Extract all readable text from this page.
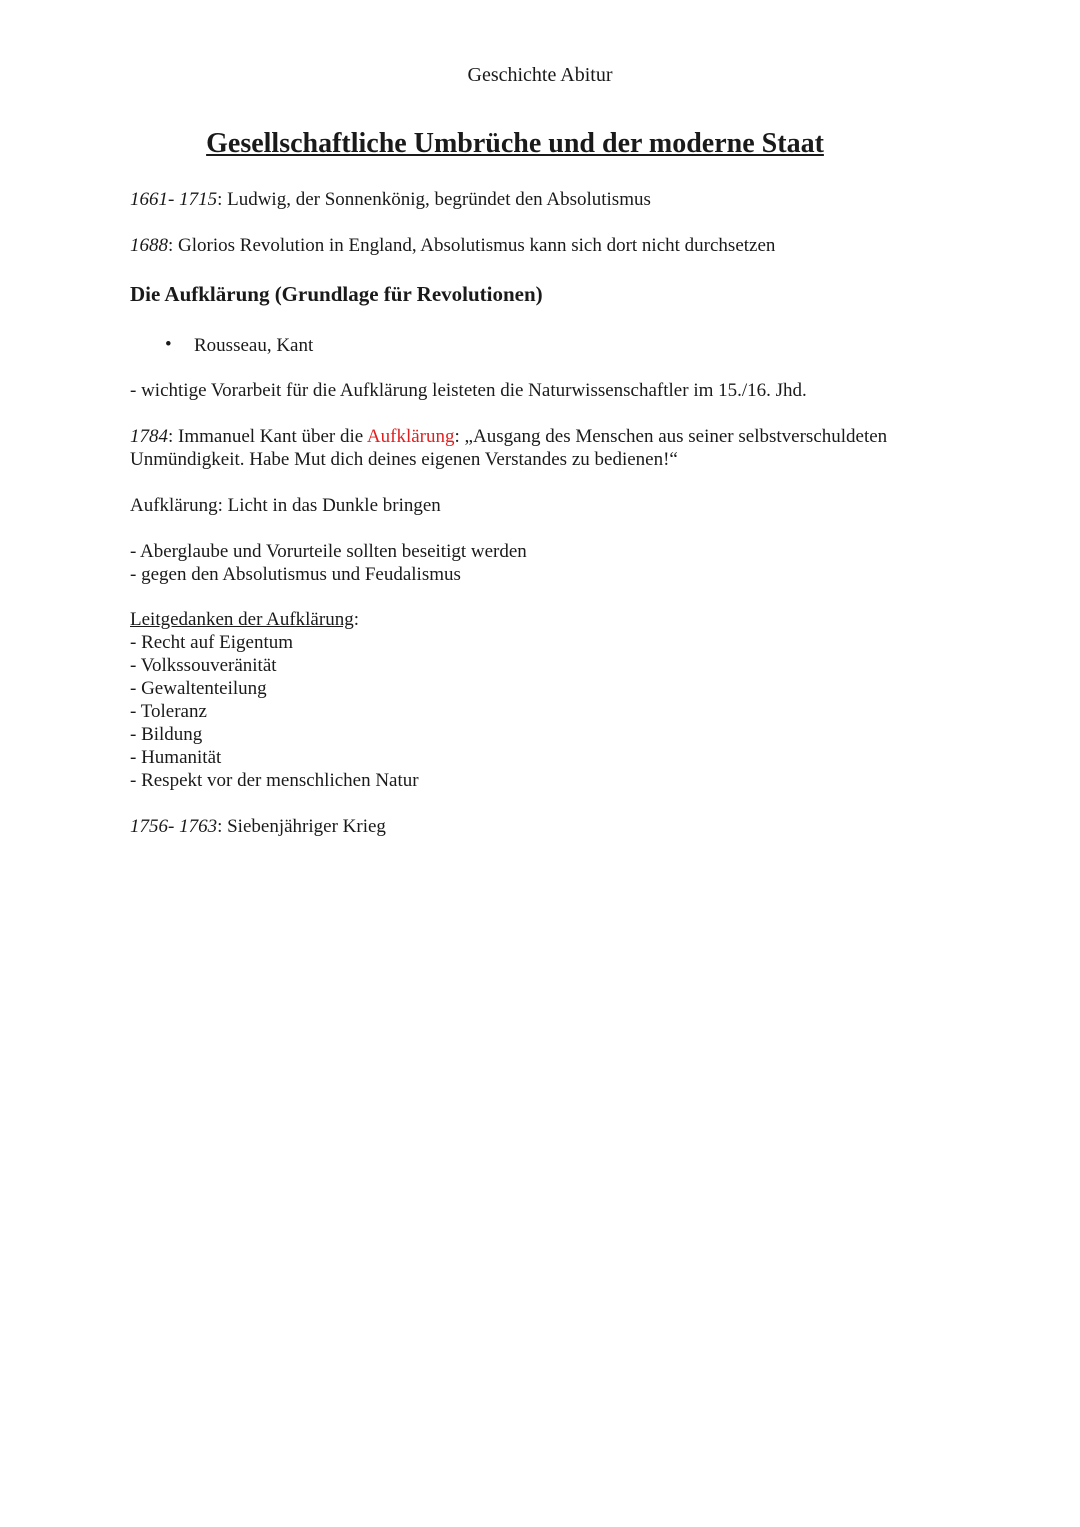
Geschichte Abitur
Gesellschaftliche Umbrüche und der moderne Staat
1661- 1715: Ludwig, der Sonnenkönig, begründet den Absolutismus
1688: Glorios Revolution in England, Absolutismus kann sich dort nicht durchsetzen
Die Aufklärung (Grundlage für Revolutionen)
• Rousseau, Kant
- wichtige Vorarbeit für die Aufklärung leisteten die Naturwissenschaftler im 15./16. Jhd.
1784: Immanuel Kant über die Aufklärung: „Ausgang des Menschen aus seiner selbstverschuldeten
Unmündigkeit. Habe Mut dich deines eigenen Verstandes zu bedienen!“
Aufklärung: Licht in das Dunkle bringen
- Aberglaube und Vorurteile sollten beseitigt werden
- gegen den Absolutismus und Feudalismus
Leitgedanken der Aufklärung:
- Recht auf Eigentum
- Volkssouveränität
- Gewaltenteilung
- Toleranz
- Bildung
- Humanität
- Respekt vor der menschlichen Natur
1756- 1763: Siebenjähriger Krieg
